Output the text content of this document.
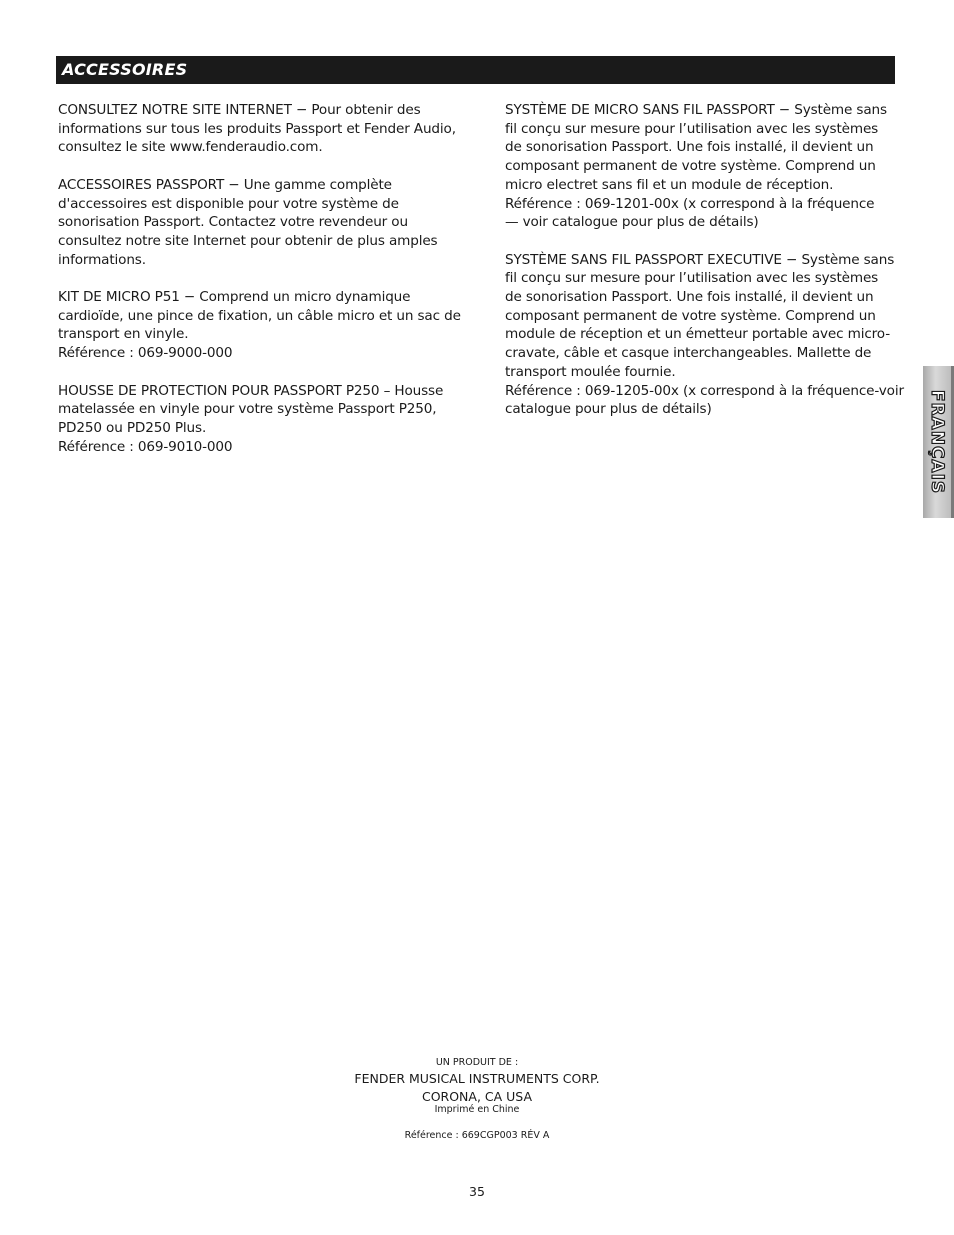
ACCESSOIRES
CONSULTEZ NOTRE SITE INTERNET − Pour obtenir des
informations sur tous les produits Passport et Fender Audio,
consultez le site www.fenderaudio.com.
ACCESSOIRES PASSPORT − Une gamme complète
d'accessoires est disponible pour votre système de
sonorisation Passport. Contactez votre revendeur ou
consultez notre site Internet pour obtenir de plus amples
informations.
KIT DE MICRO P51 − Comprend un micro dynamique
cardioïde, une pince de fixation, un câble micro et un sac de
transport en vinyle.
Référence : 069-9000-000
HOUSSE DE PROTECTION POUR PASSPORT P250 – Housse
matelassée en vinyle pour votre système Passport P250,
PD250 ou PD250 Plus.
Référence : 069-9010-000
SYSTÈME DE MICRO SANS FIL PASSPORT − Système sans
fil conçu sur mesure pour l’utilisation avec les systèmes
de sonorisation Passport. Une fois installé, il devient un
composant permanent de votre système. Comprend un
micro electret sans fil et un module de réception.
Référence : 069-1201-00x (x correspond à la fréquence
— voir catalogue pour plus de détails)
SYSTÈME SANS FIL PASSPORT EXECUTIVE − Système sans
fil conçu sur mesure pour l’utilisation avec les systèmes
de sonorisation Passport. Une fois installé, il devient un
composant permanent de votre système. Comprend un
module de réception et un émetteur portable avec micro-
cravate, câble et casque interchangeables. Mallette de
transport moulée fournie.
Référence : 069-1205-00x (x correspond à la fréquence-voir
catalogue pour plus de détails)	FRANÇAIS
UN PRODUIT DE :
FENDER MUSICAL INSTRUMENTS CORP.
CORONA, CA USA
Imprimé en Chine
Référence : 669CGP003 RÉV A
35
